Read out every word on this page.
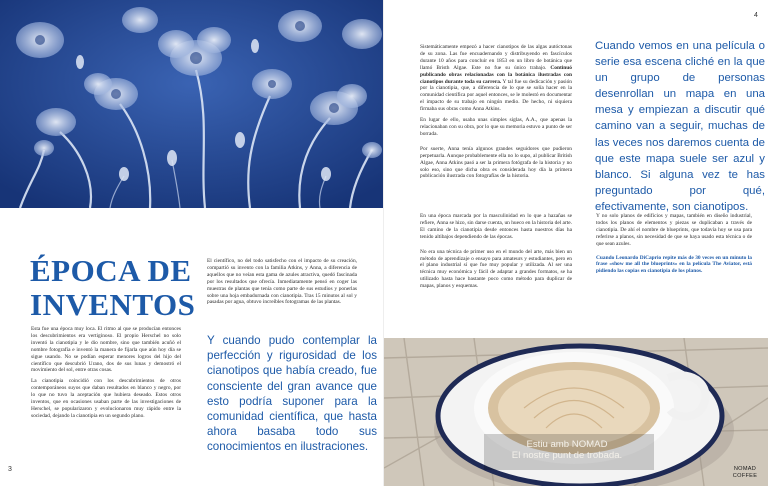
ÉPOCA DE
INVENTOS

Esta fue una época muy loca. El ritmo al que se producían entonces los descubrimientos era vertiginoso. El propio Herschel no solo inventó la cianotipia y le dio nombre, sino que también acuñó el nombre fotografía e inventó la manera de fijarla que aún hoy día se sigue usando. No se podían esperar menores logros del hijo del científico que descubrió Urano, dos de sus lunas y demostró el movimiento del sol, entre otras cosas.

La cianotipia coincidió con los descubrimientos de otros contemporáneos suyos que daban resultados en blanco y negro, por lo que no tuvo la aceptación que hubiera deseado. Estos otros inventos, que en ocasiones usaban parte de las investigaciones de Herschel, se popularizaron y evolucionaron muy rápido entre la sociedad, dejando la cianotipia en un segundo plano.

El científico, no del todo satisfecho con el impacto de su creación, compartió su invento con la familia Atkins, y Anna, a diferencia de aquellos que no veían esta gama de azules atractiva, quedó fascinada por los resultados que ofrecía. Inmediatamente pensó en coger las muestras de plantas que tenía como parte de sus estudios y ponerlas sobre una hoja embadurnada con cianotipia. Tras 15 minutos al sol y pasadas por agua, obtuvo increíbles fotogramas de las plantas.

Y cuando pudo contemplar la perfección y rigurosidad de los cianotipos que había creado, fue consciente del gran avance que esto podría suponer para la comunidad científica, que hasta ahora basaba todo sus conocimientos en ilustraciones.
3
4

Sistemáticamente empezó a hacer cianotipos de las algas autóctonas de su zona. Las fue encuadernando y distribuyendo en fascículos durante 10 años para concluir en 1853 en un libro de botánica que llamó Bristh Algae. Este no fue su único trabajo. Continuó publicando obras relacionadas con la botánica ilustradas con cianotipos durante toda su carrera. Y tal fue su dedicación y pasión por la cianotipia, que, a diferencia de lo que se solía hacer en la comunidad científica por aquel entonces, se le molestó en documentar el impacto de su trabajo en ningún medio. De hecho, ni siquiera firmaba sus obras como Anna Atkins.

En lugar de ello, usaba unas simples siglas, A.A., que apenas la relacionaban con su obra, por lo que su memoria estuvo a punto de ser borrada.

Por suerte, Anna tenía algunos grandes seguidores que pudieron perpetuarla. Aunque probablemente ella no lo supo, al publicar British Algae, Anna Atkins pasó a ser la primera fotógrafa de la historia y no solo eso, sino que dicha obra es considerada hoy día la primera publicación ilustrada con fotografías de la historia.

En una época marcada por la masculinidad en lo que a hazañas se refiere, Anna se hizo, sin darse cuenta, un hueco en la historia del arte. El camino de la cianotipia desde entonces hasta nuestros días ha tenido altibajos dependiendo de las épocas.

No era una técnica de primer uso en el mundo del arte, más bien un método de aprendizaje o ensayo para amateurs y estudiantes, pero en el plano industrial sí que fue muy popular y utilizada. Al ser una técnica muy económica y fácil de adaptar a grandes formatos, se ha utilizado hasta hace bastante poco como método para duplicar de mapas, planos y esquemas.

Cuando vemos en una película o serie esa escena cliché en la que un grupo de personas desenrollan un mapa en una mesa y empiezan a discutir qué camino van a seguir, muchas de las veces nos daremos cuenta de que este mapa suele ser azul y blanco. Si alguna vez te has preguntado por qué, efectivamente, son cianotipos.

Y no solo planos de edificios y mapas, también en diseño industrial, todos los planos de elementos y piezas se duplicaban a través de cianotipia. De ahí el nombre de blueprints, que todavía hoy se usa para referirse a planos, sin necesidad de que se haya usado esta técnica o de que sean azules.

Cuando Leonardo DiCaprio repite más de 30 veces en un minuto la frase «show me all the blueprints» en la película The Aviator, está pidiendo las copias en cianotipia de los planos.

Estiu amb NOMAD
El nostre punt de trobada.
NOMAD
COFFEE
